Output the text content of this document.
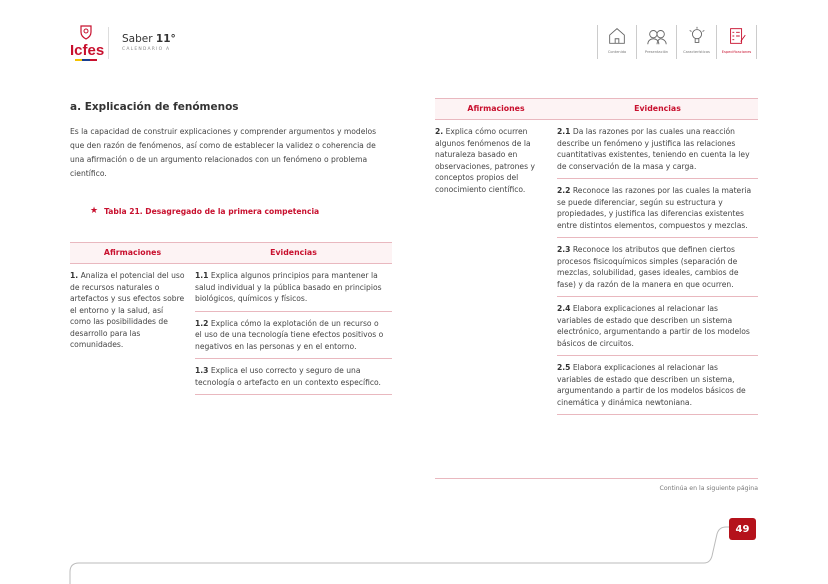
Icfes
Saber 11°
CALENDARIO A	Contenido	Presentación	Características	Especificaciones
a. Explicación de fenómenos

Es la capacidad de construir explicaciones y comprender argumentos y modelos que den razón de fenómenos, así como de establecer la validez o coherencia de una afirmación o de un argumento relacionados con un fenómeno o problema científico.

★ Tabla 21. Desagregado de la primera competencia
Afirmaciones	Evidencias
1. Analiza el potencial del uso de recursos naturales o artefactos y sus efectos sobre el entorno y la salud, así como las posibilidades de desarrollo para las comunidades.	1.1 Explica algunos principios para mantener la salud individual y la pública basado en principios biológicos, químicos y físicos.
	1.2 Explica cómo la explotación de un recurso o el uso de una tecnología tiene efectos positivos o negativos en las personas y en el entorno.
	1.3 Explica el uso correcto y seguro de una tecnología o artefacto en un contexto específico.
Afirmaciones	Evidencias
2. Explica cómo ocurren algunos fenómenos de la naturaleza basado en observaciones, patrones y conceptos propios del conocimiento científico.	2.1 Da las razones por las cuales una reacción describe un fenómeno y justifica las relaciones cuantitativas existentes, teniendo en cuenta la ley de conservación de la masa y carga.
	2.2 Reconoce las razones por las cuales la materia se puede diferenciar, según su estructura y propiedades, y justifica las diferencias existentes entre distintos elementos, compuestos y mezclas.
	2.3 Reconoce los atributos que definen ciertos procesos fisicoquímicos simples (separación de mezclas, solubilidad, gases ideales, cambios de fase) y da razón de la manera en que ocurren.
	2.4 Elabora explicaciones al relacionar las variables de estado que describen un sistema electrónico, argumentando a partir de los modelos básicos de circuitos.
	2.5 Elabora explicaciones al relacionar las variables de estado que describen un sistema, argumentando a partir de los modelos básicos de cinemática y dinámica newtoniana.
Continúa en la siguiente página
49
